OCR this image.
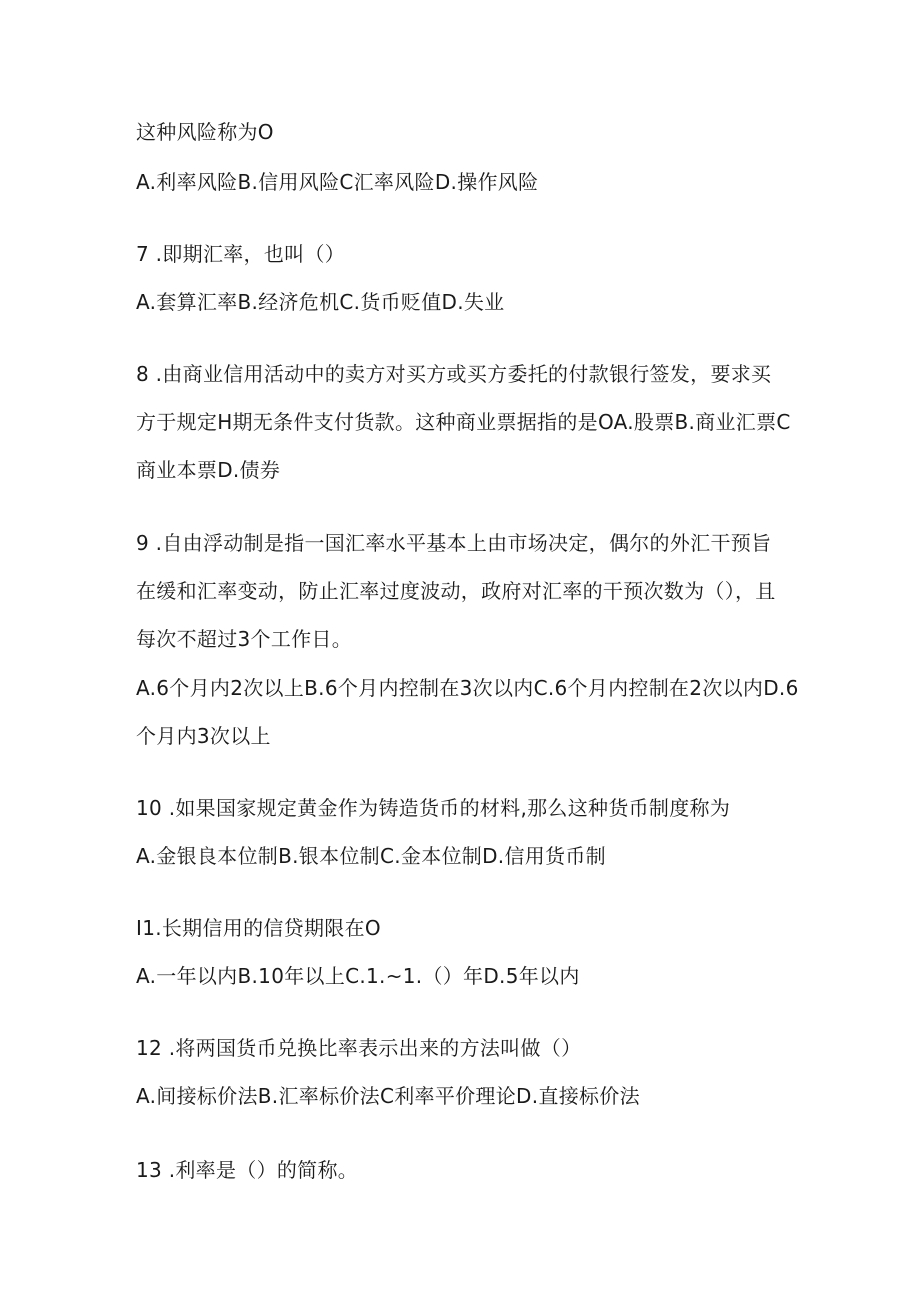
这种风险称为O

A.利率风险B.信用风险C汇率风险D.操作风险

7 .即期汇率，也叫（）

A.套算汇率B.经济危机C.货币贬值D.失业

8 .由商业信用活动中的卖方对买方或买方委托的付款银行签发，要求买

方于规定H期无条件支付货款。这种商业票据指的是OA.股票B.商业汇票C

商业本票D.债券

9 .自由浮动制是指一国汇率水平基本上由市场决定，偶尔的外汇干预旨

在缓和汇率变动，防止汇率过度波动，政府对汇率的干预次数为（），且

每次不超过3个工作日。

A.6个月内2次以上B.6个月内控制在3次以内C.6个月内控制在2次以内D.6

个月内3次以上

10 .如果国家规定黄金作为铸造货币的材料,那么这种货币制度称为

A.金银良本位制B.银本位制C.金本位制D.信用货币制

I1.长期信用的信贷期限在O

A.一年以内B.10年以上C.1.~1.（）年D.5年以内

12 .将两国货币兑换比率表示出来的方法叫做（）

A.间接标价法B.汇率标价法C利率平价理论D.直接标价法

13 .利率是（）的简称。
